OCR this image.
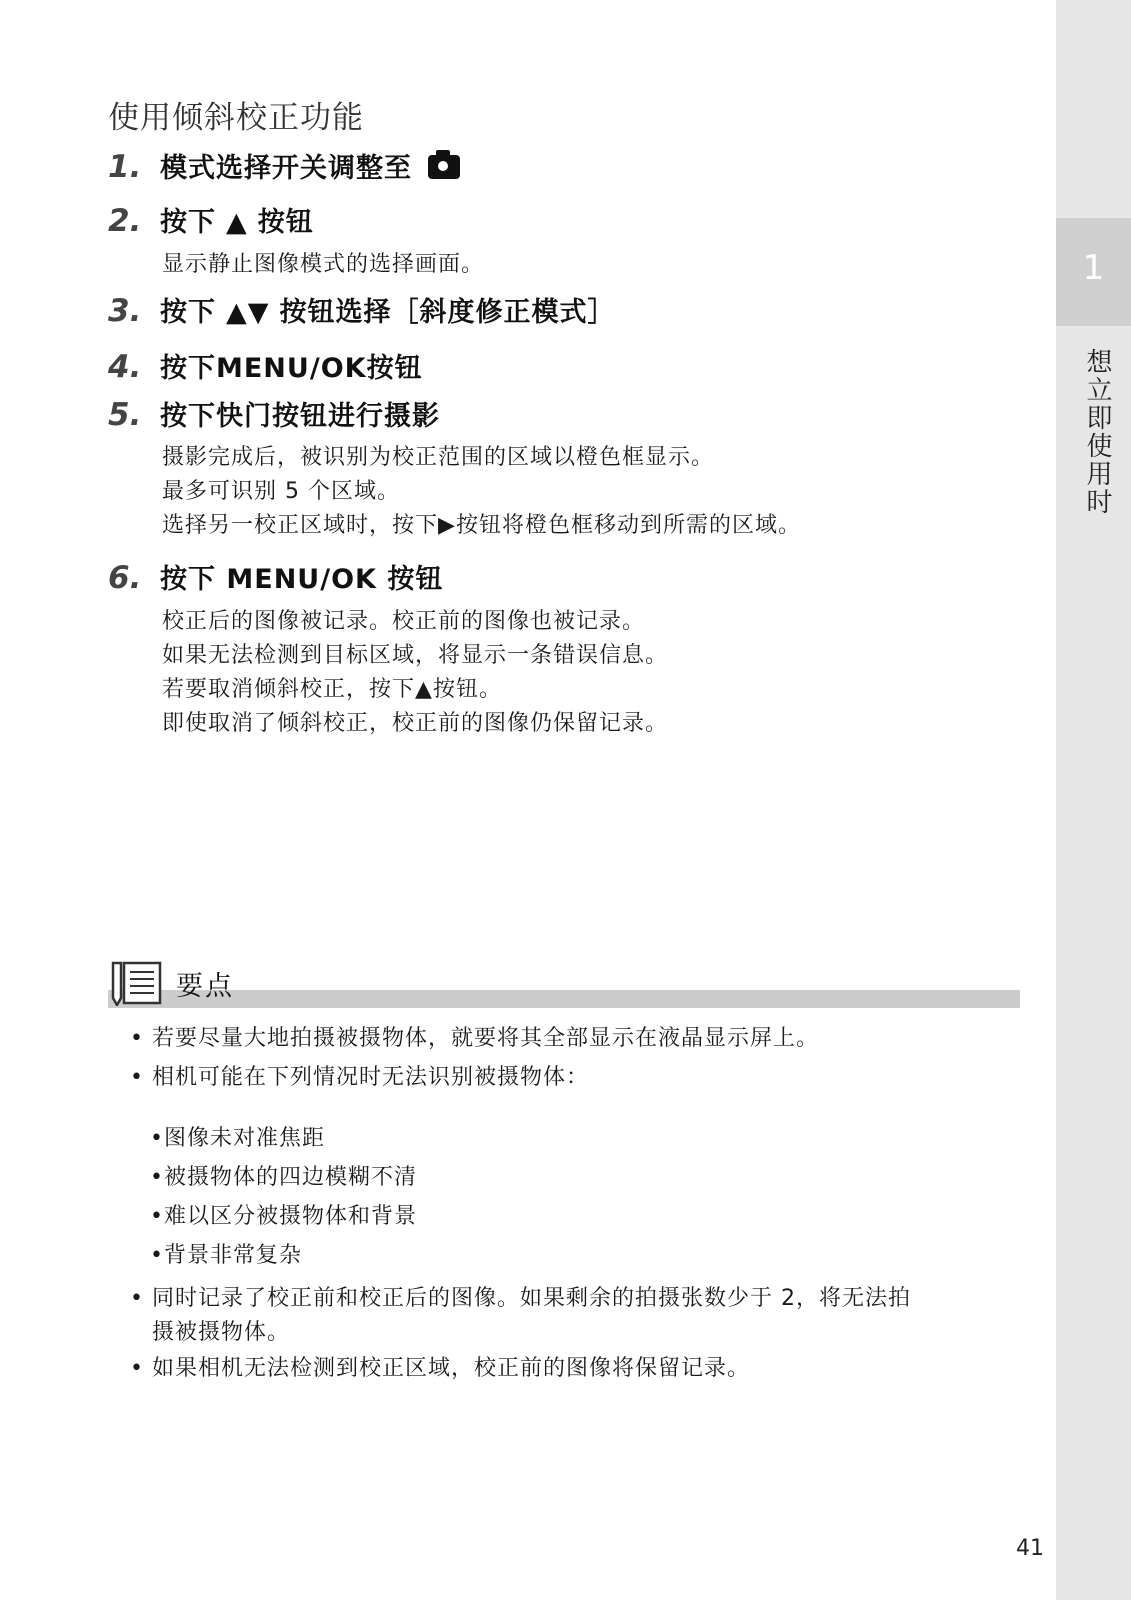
1
想立即使用时
使用倾斜校正功能
1. 模式选择开关调整至
2. 按下 ▲ 按钮
显示静止图像模式的选择画面。
3. 按下 ▲▼ 按钮选择［斜度修正模式］
4. 按下MENU/OK按钮
5. 按下快门按钮进行摄影
摄影完成后，被识别为校正范围的区域以橙色框显示。
最多可识别 5 个区域。
选择另一校正区域时，按下▶按钮将橙色框移动到所需的区域。
6. 按下 MENU/OK 按钮
校正后的图像被记录。校正前的图像也被记录。
如果无法检测到目标区域，将显示一条错误信息。
若要取消倾斜校正，按下▲按钮。
即使取消了倾斜校正，校正前的图像仍保留记录。
要点
• 若要尽量大地拍摄被摄物体，就要将其全部显示在液晶显示屏上。
• 相机可能在下列情况时无法识别被摄物体：
•图像未对准焦距
•被摄物体的四边模糊不清
•难以区分被摄物体和背景
•背景非常复杂
• 同时记录了校正前和校正后的图像。如果剩余的拍摄张数少于 2，将无法拍
摄被摄物体。
• 如果相机无法检测到校正区域，校正前的图像将保留记录。
41
